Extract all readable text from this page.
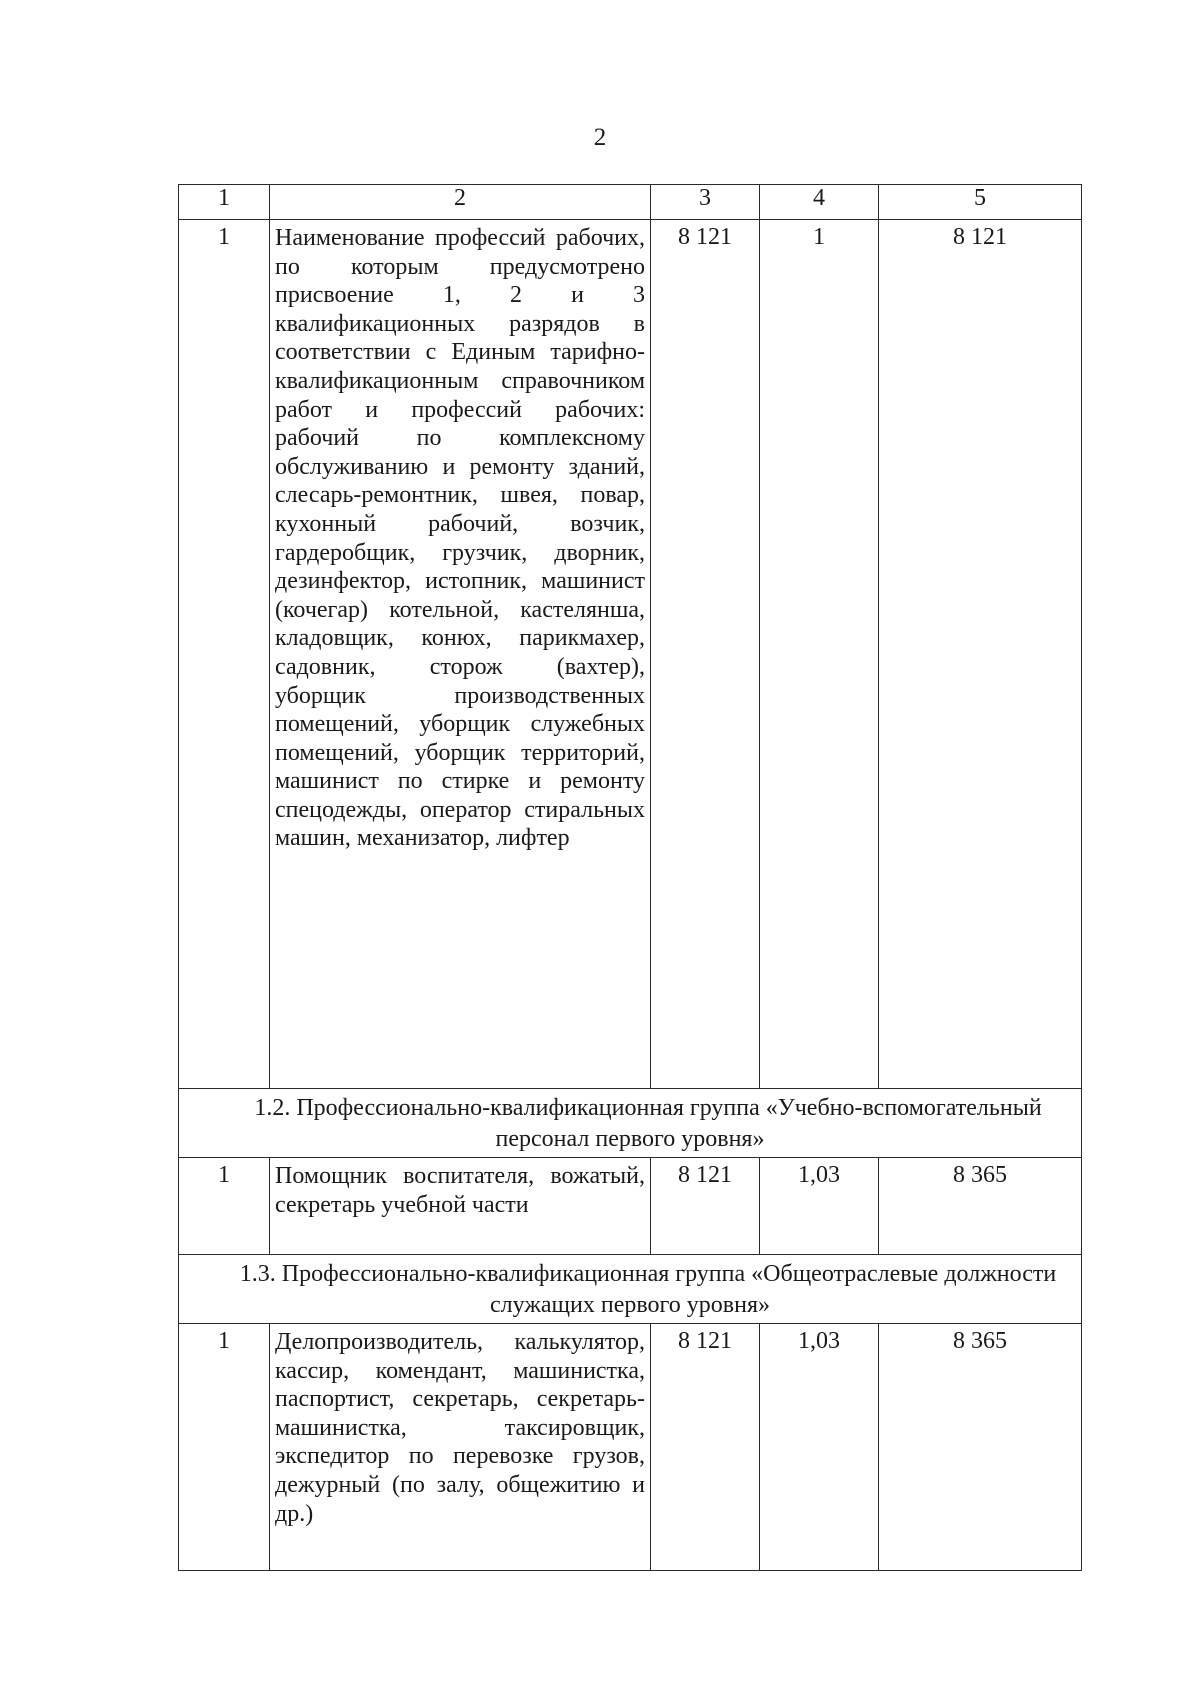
2
1	2	3	4	5
1	Наименование профессий рабочих, по которым предусмотрено присвоение 1, 2 и 3 квалификационных разрядов в соответствии с Единым тарифно-квалификационным справочником работ и профессий рабочих: рабочий по комплексному обслуживанию и ремонту зданий, слесарь-ремонтник, швея, повар, кухонный рабочий, возчик, гардеробщик, грузчик, дворник, дезинфектор, истопник, машинист (кочегар) котельной, кастелянша, кладовщик, конюх, парикмахер, садовник, сторож (вахтер), уборщик производственных помещений, уборщик служебных помещений, уборщик территорий, машинист по стирке и ремонту спецодежды, оператор стиральных машин, механизатор, лифтер	8 121	1	8 121
1.2. Профессионально-квалификационная группа «Учебно-вспомогательный персонал первого уровня»				
1	Помощник воспитателя, вожатый, секретарь учебной части	8 121	1,03	8 365
1.3. Профессионально-квалификационная группа «Общеотраслевые должности служащих первого уровня»				
1	Делопроизводитель, калькулятор, кассир, комендант, машинистка, паспортист, секретарь, секретарь-машинистка, таксировщик, экспедитор по перевозке грузов, дежурный (по залу, общежитию и др.)	8 121	1,03	8 365
